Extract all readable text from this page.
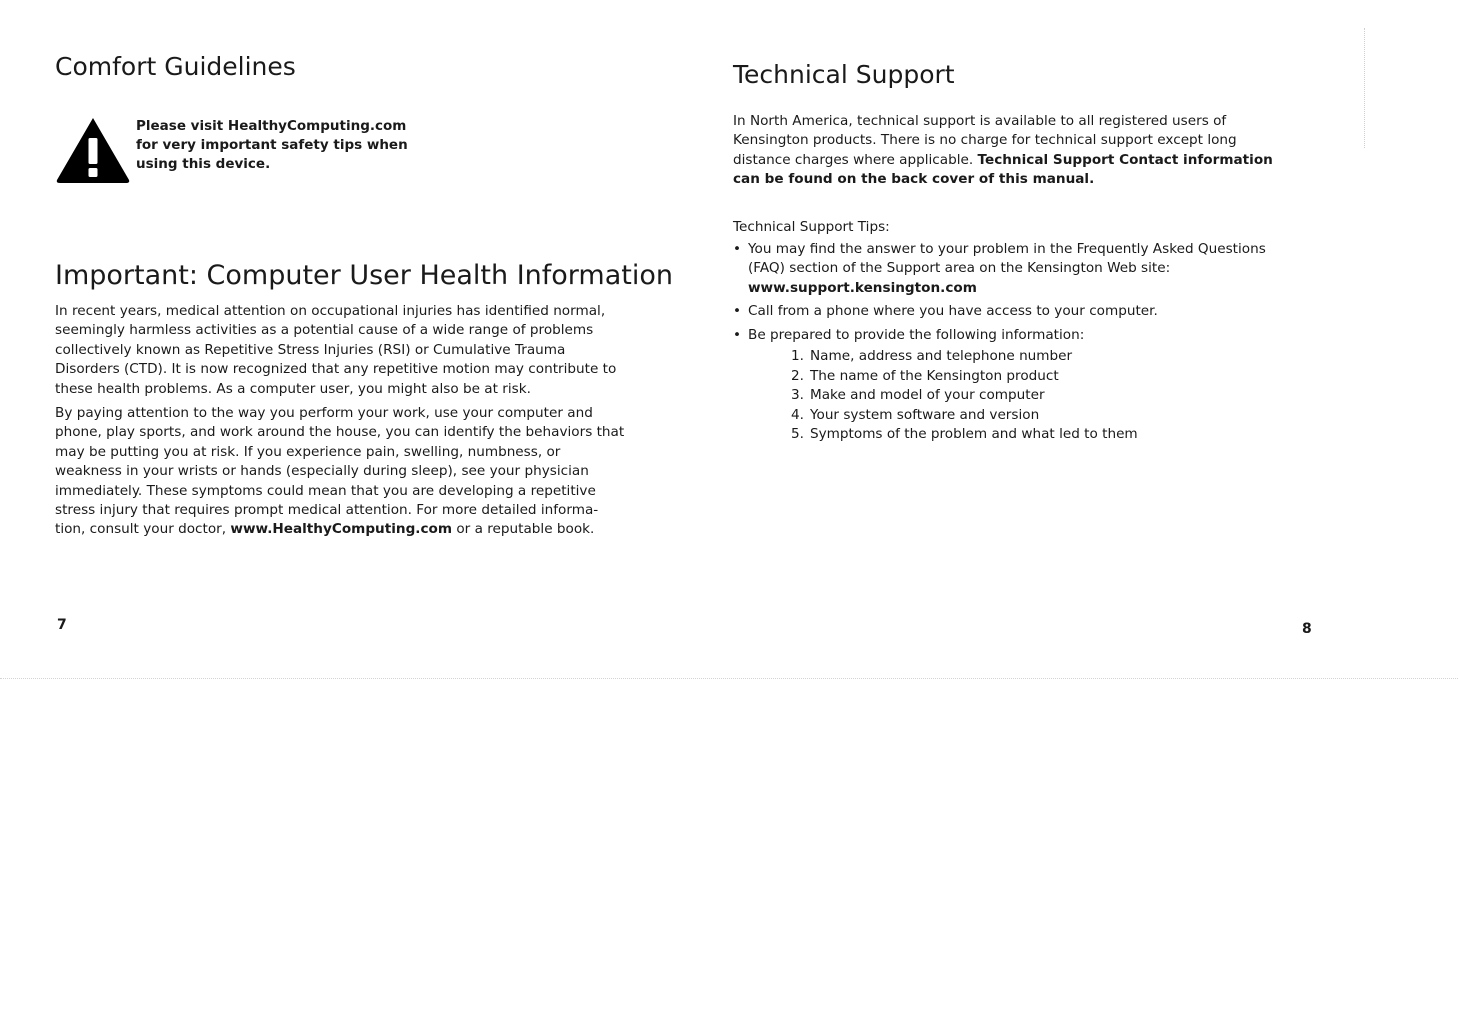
Comfort Guidelines

Please visit HealthyComputing.com
for very important safety tips when
using this device.

Important: Computer User Health Information

In recent years, medical attention on occupational injuries has identified normal, seemingly harmless activities as a potential cause of a wide range of problems collectively known as Repetitive Stress Injuries (RSI) or Cumulative Trauma Disorders (CTD). It is now recognized that any repetitive motion may contribute to these health problems. As a computer user, you might also be at risk.

By paying attention to the way you perform your work, use your computer and phone, play sports, and work around the house, you can identify the behaviors that may be putting you at risk. If you experience pain, swelling, numbness, or weakness in your wrists or hands (especially during sleep), see your physician immediately. These symptoms could mean that you are developing a repetitive stress injury that requires prompt medical attention. For more detailed informa-tion, consult your doctor, www.HealthyComputing.com or a reputable book.

7
Technical Support

In North America, technical support is available to all registered users of Kensington products. There is no charge for technical support except long distance charges where applicable. Technical Support Contact information can be found on the back cover of this manual.

Technical Support Tips:

• You may find the answer to your problem in the Frequently Asked Questions (FAQ) section of the Support area on the Kensington Web site: www.support.kensington.com
• Call from a phone where you have access to your computer.
• Be prepared to provide the following information:
1. Name, address and telephone number
2. The name of the Kensington product
3. Make and model of your computer
4. Your system software and version
5. Symptoms of the problem and what led to them
8
